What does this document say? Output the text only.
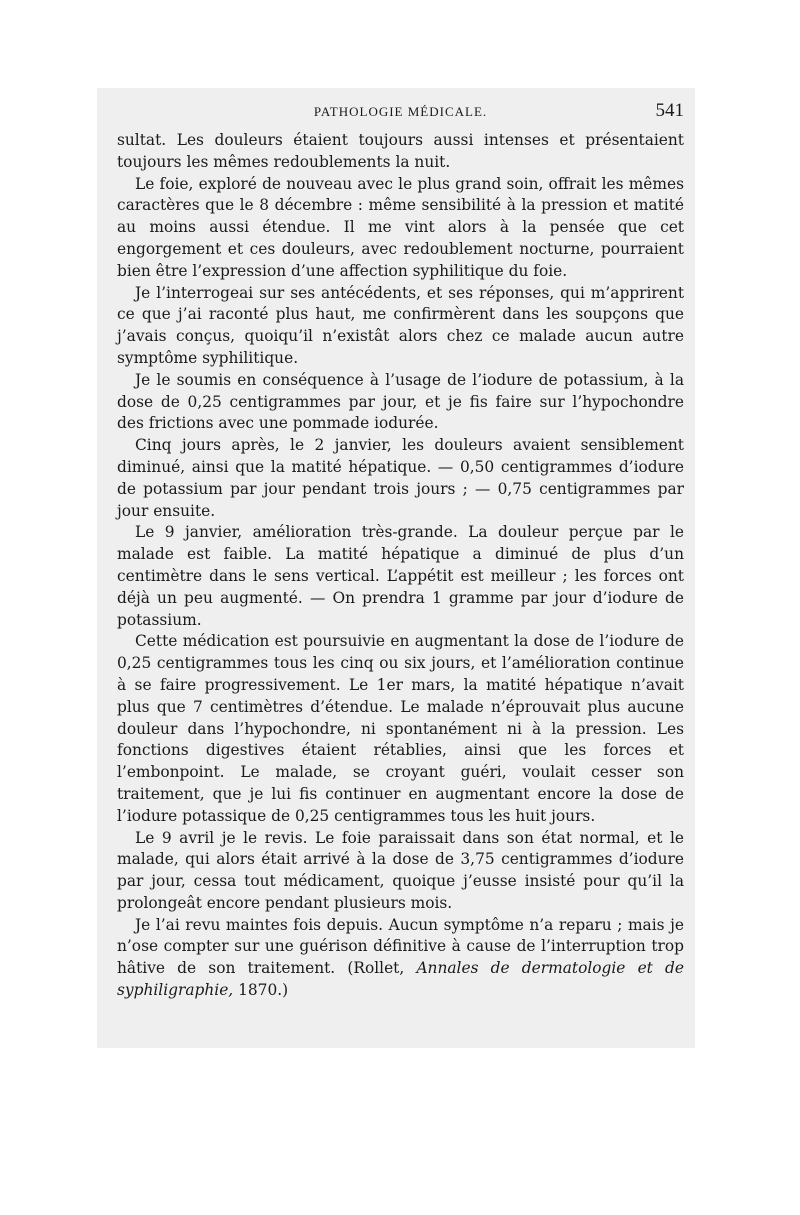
PATHOLOGIE MÉDICALE.	541

sultat. Les douleurs étaient toujours aussi intenses et présentaient toujours les mêmes redoublements la nuit.

Le foie, exploré de nouveau avec le plus grand soin, offrait les mêmes caractères que le 8 décembre : même sensibilité à la pression et matité au moins aussi étendue. Il me vint alors à la pensée que cet engorgement et ces douleurs, avec redoublement nocturne, pourraient bien être l’expression d’une affection syphilitique du foie.

Je l’interrogeai sur ses antécédents, et ses réponses, qui m’apprirent ce que j’ai raconté plus haut, me confirmèrent dans les soupçons que j’avais conçus, quoiqu’il n’existât alors chez ce malade aucun autre symptôme syphilitique.

Je le soumis en conséquence à l’usage de l’iodure de potassium, à la dose de 0,25 centigrammes par jour, et je fis faire sur l’hypochondre des frictions avec une pommade iodurée.

Cinq jours après, le 2 janvier, les douleurs avaient sensiblement diminué, ainsi que la matité hépatique. — 0,50 centigrammes d’iodure de potassium par jour pendant trois jours ; — 0,75 centigrammes par jour ensuite.

Le 9 janvier, amélioration très-grande. La douleur perçue par le malade est faible. La matité hépatique a diminué de plus d’un centimètre dans le sens vertical. L’appétit est meilleur ; les forces ont déjà un peu augmenté. — On prendra 1 gramme par jour d’iodure de potassium.

Cette médication est poursuivie en augmentant la dose de l’iodure de 0,25 centigrammes tous les cinq ou six jours, et l’amélioration continue à se faire progressivement. Le 1er mars, la matité hépatique n’avait plus que 7 centimètres d’étendue. Le malade n’éprouvait plus aucune douleur dans l’hypochondre, ni spontanément ni à la pression. Les fonctions digestives étaient rétablies, ainsi que les forces et l’embonpoint. Le malade, se croyant guéri, voulait cesser son traitement, que je lui fis continuer en augmentant encore la dose de l’iodure potassique de 0,25 centigrammes tous les huit jours.

Le 9 avril je le revis. Le foie paraissait dans son état normal, et le malade, qui alors était arrivé à la dose de 3,75 centigrammes d’iodure par jour, cessa tout médicament, quoique j’eusse insisté pour qu’il la prolongeât encore pendant plusieurs mois.

Je l’ai revu maintes fois depuis. Aucun symptôme n’a reparu ; mais je n’ose compter sur une guérison définitive à cause de l’interruption trop hâtive de son traitement. (Rollet, Annales de dermatologie et de syphiligraphie, 1870.)
